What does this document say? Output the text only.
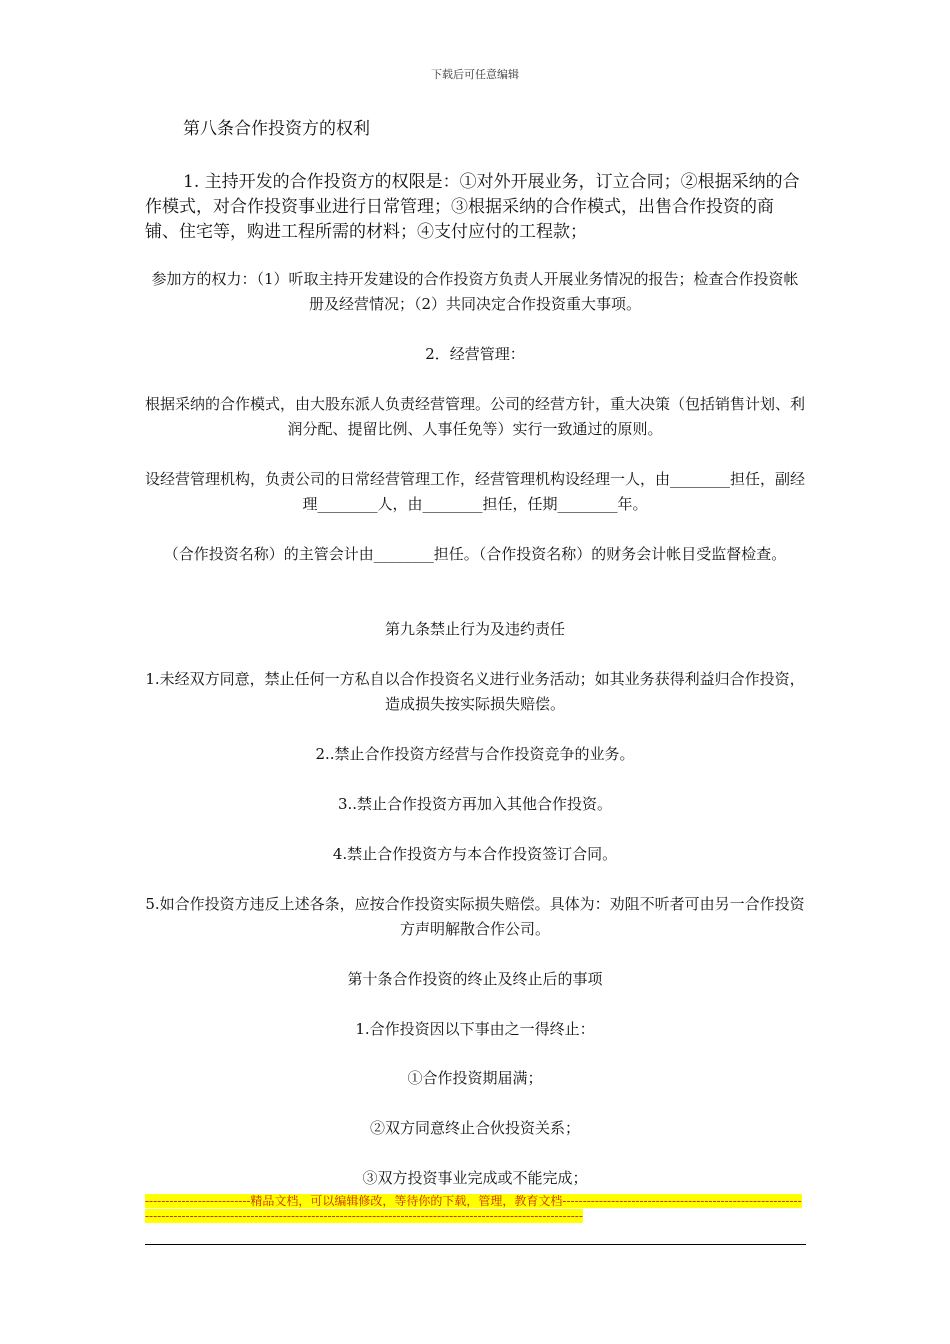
下载后可任意编辑
第八条合作投资方的权利
1. 主持开发的合作投资方的权限是：①对外开展业务，订立合同；②根据采纳的合作模式，对合作投资事业进行日常管理；③根据采纳的合作模式，出售合作投资的商铺、住宅等，购进工程所需的材料；④支付应付的工程款；
参加方的权力：（1）听取主持开发建设的合作投资方负责人开展业务情况的报告；检查合作投资帐册及经营情况；（2）共同决定合作投资重大事项。
2．经营管理：
根据采纳的合作模式，由大股东派人负责经营管理。公司的经营方针，重大决策（包括销售计划、利润分配、提留比例、人事任免等）实行一致通过的原则。
设经营管理机构，负责公司的日常经营管理工作，经营管理机构设经理一人，由________担任，副经理________人，由________担任，任期________年。
（合作投资名称）的主管会计由________担任。（合作投资名称）的财务会计帐目受监督检查。
第九条禁止行为及违约责任
1.未经双方同意，禁止任何一方私自以合作投资名义进行业务活动；如其业务获得利益归合作投资，造成损失按实际损失赔偿。
2..禁止合作投资方经营与合作投资竞争的业务。
3..禁止合作投资方再加入其他合作投资。
4.禁止合作投资方与本合作投资签订合同。
5.如合作投资方违反上述各条，应按合作投资实际损失赔偿。具体为：劝阻不听者可由另一合作投资方声明解散合作公司。
第十条合作投资的终止及终止后的事项
1.合作投资因以下事由之一得终止：
①合作投资期届满；
②双方同意终止合伙投资关系；
③双方投资事业完成或不能完成；
--------------------------精品文档，可以编辑修改，等待你的下载，管理，教育文档-----------------------------------------------------------------------------------------------------------------------------------------------------------------------
